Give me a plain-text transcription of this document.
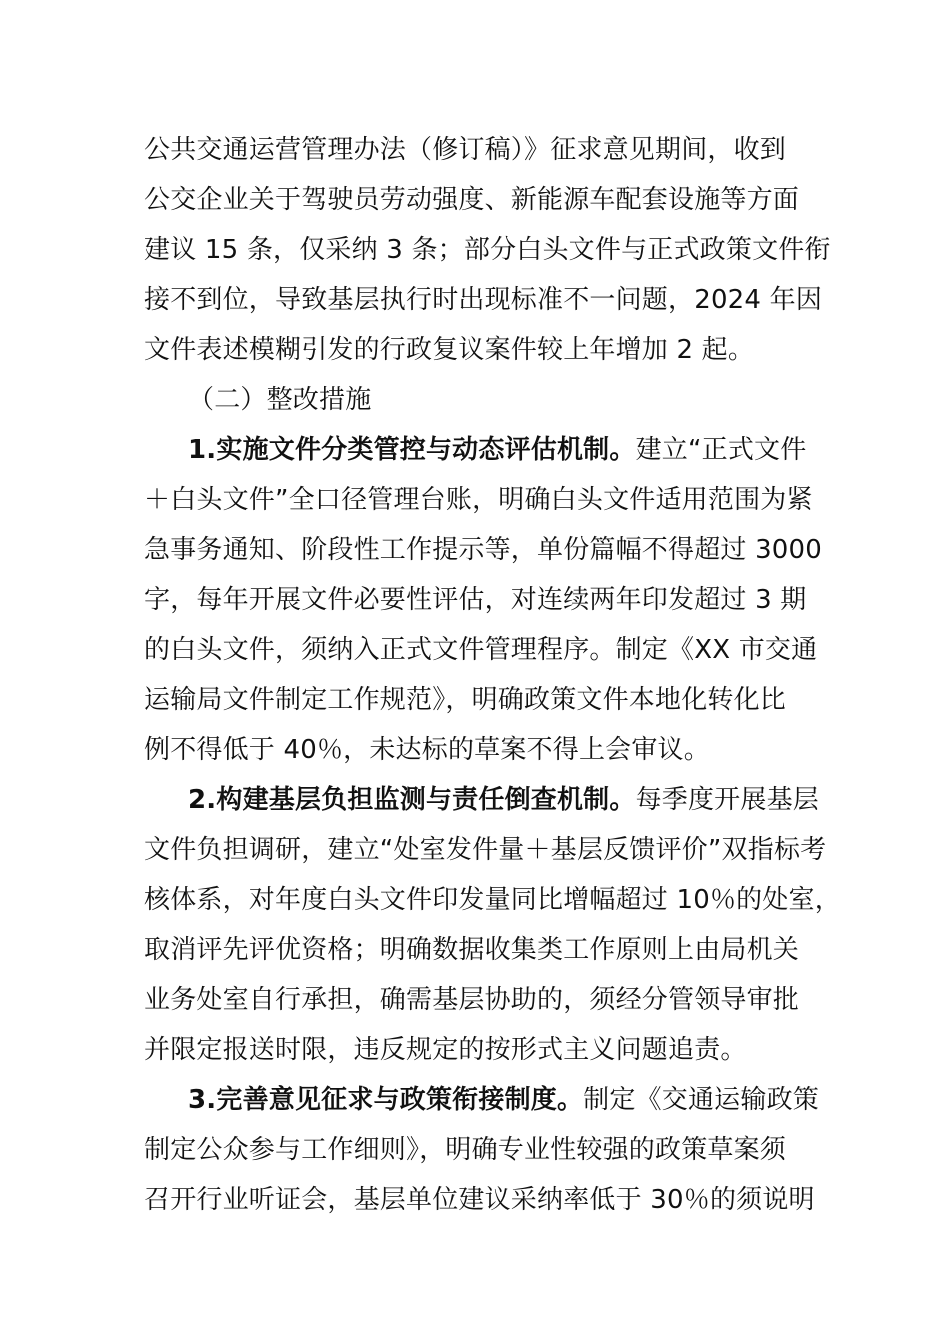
公共交通运营管理办法（修订稿）》征求意见期间，收到
公交企业关于驾驶员劳动强度、新能源车配套设施等方面
建议 15 条，仅采纳 3 条；部分白头文件与正式政策文件衔
接不到位，导致基层执行时出现标准不一问题，2024 年因
文件表述模糊引发的行政复议案件较上年增加 2 起。
（二）整改措施
1.实施文件分类管控与动态评估机制。建立“正式文件
＋白头文件”全口径管理台账，明确白头文件适用范围为紧
急事务通知、阶段性工作提示等，单份篇幅不得超过 3000
字，每年开展文件必要性评估，对连续两年印发超过 3 期
的白头文件，须纳入正式文件管理程序。制定《XX 市交通
运输局文件制定工作规范》，明确政策文件本地化转化比
例不得低于 40％，未达标的草案不得上会审议。
2.构建基层负担监测与责任倒查机制。每季度开展基层
文件负担调研，建立“处室发件量＋基层反馈评价”双指标考
核体系，对年度白头文件印发量同比增幅超过 10％的处室，
取消评先评优资格；明确数据收集类工作原则上由局机关
业务处室自行承担，确需基层协助的，须经分管领导审批
并限定报送时限，违反规定的按形式主义问题追责。
3.完善意见征求与政策衔接制度。制定《交通运输政策
制定公众参与工作细则》，明确专业性较强的政策草案须
召开行业听证会，基层单位建议采纳率低于 30％的须说明
